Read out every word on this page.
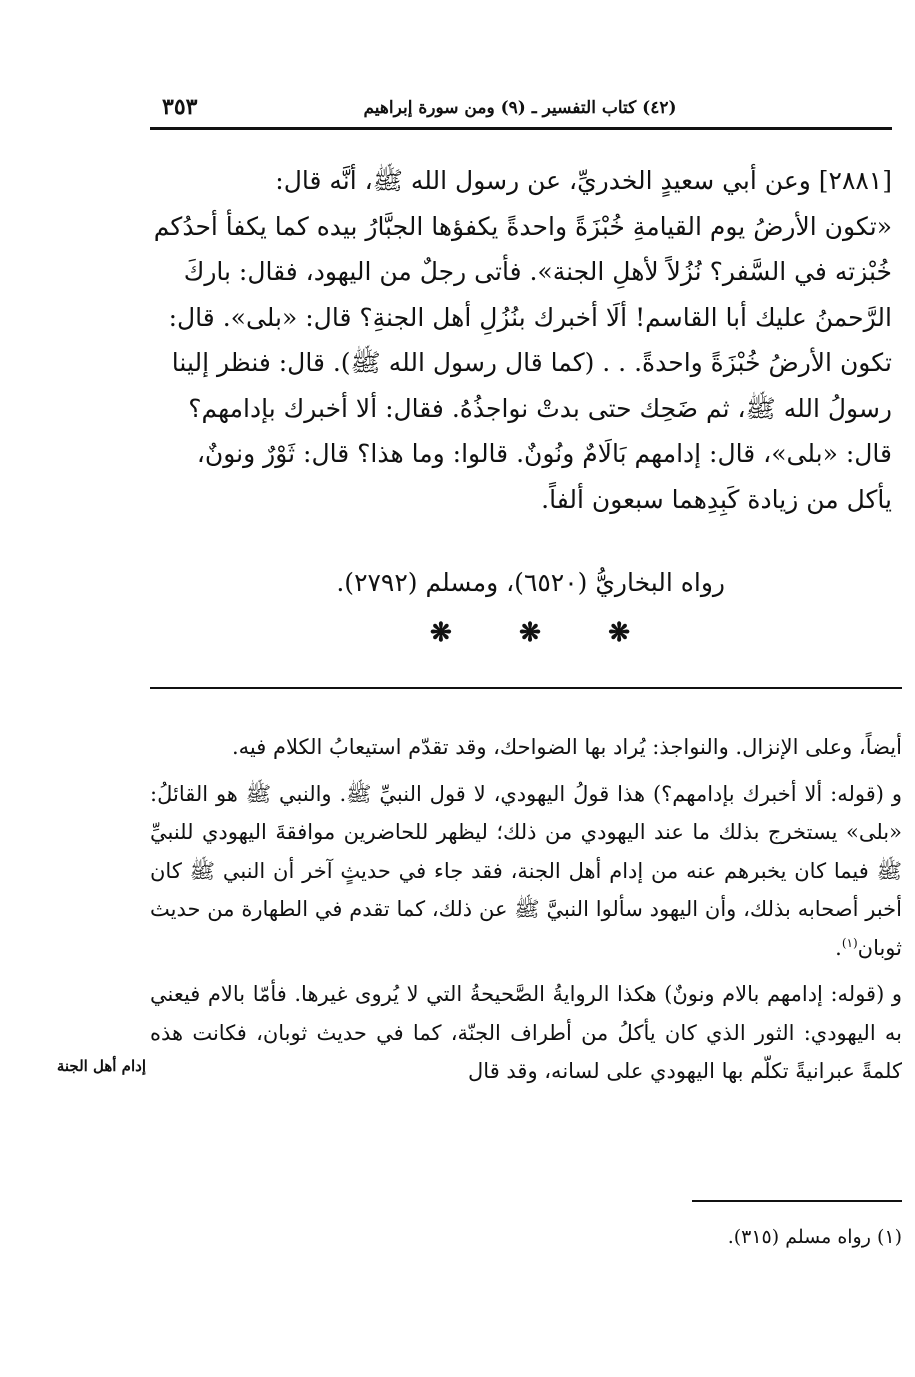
٣٥٣	(٤٢) كتاب التفسير ـ (٩) ومن سورة إبراهيم

[٢٨٨١] وعن أبي سعيدٍ الخدريِّ، عن رسول الله ﷺ، أنَّه قال:

«تكون الأرضُ يوم القيامةِ خُبْزَةً واحدةً يكفؤها الجبَّارُ بيده كما يكفأ أحدُكم

خُبْزته في السَّفر؟ نُزُلاً لأهلِ الجنة». فأتى رجلٌ من اليهود، فقال: باركَ

الرَّحمنُ عليك أبا القاسم! ألَا أخبرك بنُزُلِ أهل الجنةِ؟ قال: «بلى». قال:

تكون الأرضُ خُبْزَةً واحدةً. . . (كما قال رسول الله ﷺ). قال: فنظر إلينا

رسولُ الله ﷺ، ثم ضَحِك حتى بدتْ نواجذُهُ. فقال: ألا أخبرك بإدامهم؟

قال: «بلى»، قال: إدامهم بَالَامٌ ونُونٌ. قالوا: وما هذا؟ قال: ثَوْرٌ ونونٌ،

يأكل من زيادة كَبِدِهما سبعون ألفاً.

رواه البخاريُّ (٦٥٢٠)، ومسلم (٢٧٩٢).
❋	❋	❋

أيضاً، وعلى الإنزال. والنواجذ: يُراد بها الضواحك، وقد تقدّم استيعابُ الكلام فيه.

و (قوله: ألا أخبرك بإدامهم؟) هذا قولُ اليهودي، لا قول النبيِّ ﷺ. والنبي ﷺ هو القائلُ: «بلى» يستخرج بذلك ما عند اليهودي من ذلك؛ ليظهر للحاضرين موافقةَ اليهودي للنبيِّ ﷺ فيما كان يخبرهم عنه من إدام أهل الجنة، فقد جاء في حديثٍ آخر أن النبي ﷺ كان أخبر أصحابه بذلك، وأن اليهود سألوا النبيَّ ﷺ عن ذلك، كما تقدم في الطهارة من حديث ثوبان$^{(١)}$.

و (قوله: إدامهم بالام ونونٌ) هكذا الروايةُ الصَّحيحةُ التي لا يُروى غيرها. فأمّا بالام فيعني به اليهودي: الثور الذي كان يأكلُ من أطراف الجنّة، كما في حديث ثوبان، فكانت هذه كلمةً عبرانيةً تكلّم بها اليهودي على لسانه، وقد قال

إدام أهل الجنة
(١) رواه مسلم (٣١٥).
